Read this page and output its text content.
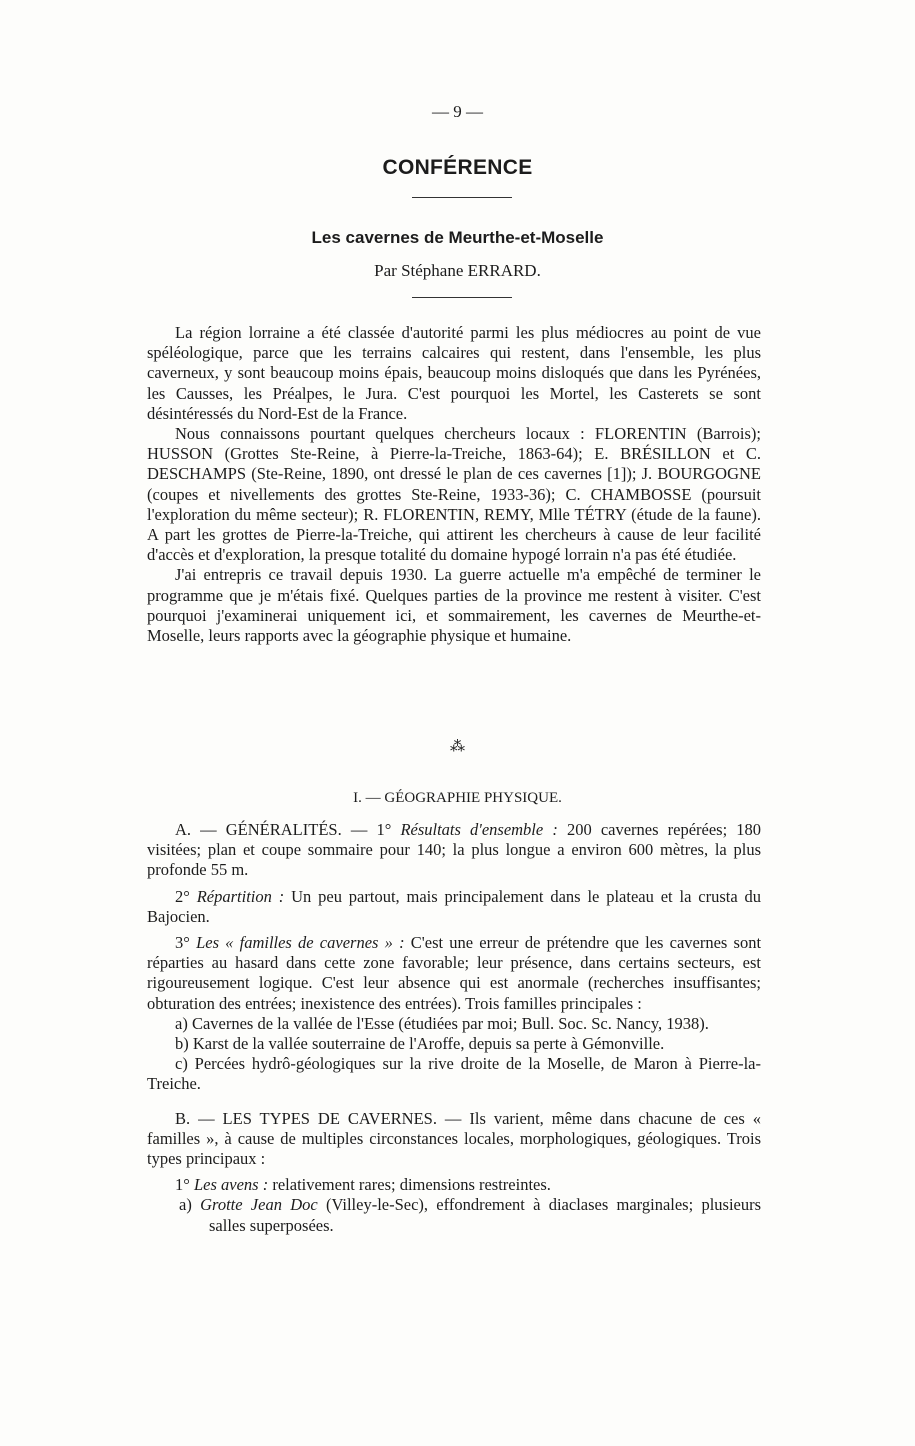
— 9 —
CONFÉRENCE
Les cavernes de Meurthe-et-Moselle
Par Stéphane ERRARD.

La région lorraine a été classée d'autorité parmi les plus médiocres au point de vue spéléologique, parce que les terrains calcaires qui restent, dans l'ensemble, les plus caverneux, y sont beaucoup moins épais, beaucoup moins disloqués que dans les Pyrénées, les Causses, les Préalpes, le Jura. C'est pourquoi les Mortel, les Casterets se sont désintéressés du Nord-Est de la France.

Nous connaissons pourtant quelques chercheurs locaux : FLORENTIN (Barrois); HUSSON (Grottes Ste-Reine, à Pierre-la-Treiche, 1863-64); E. BRÉSILLON et C. DESCHAMPS (Ste-Reine, 1890, ont dressé le plan de ces cavernes [1]); J. BOURGOGNE (coupes et nivellements des grottes Ste-Reine, 1933-36); C. CHAMBOSSE (poursuit l'exploration du même secteur); R. FLORENTIN, REMY, Mlle TÉTRY (étude de la faune). A part les grottes de Pierre-la-Treiche, qui attirent les chercheurs à cause de leur facilité d'accès et d'exploration, la presque totalité du domaine hypogé lorrain n'a pas été étudiée.

J'ai entrepris ce travail depuis 1930. La guerre actuelle m'a empêché de terminer le programme que je m'étais fixé. Quelques parties de la province me restent à visiter. C'est pourquoi j'examinerai uniquement ici, et sommairement, les cavernes de Meurthe-et-Moselle, leurs rapports avec la géographie physique et humaine.

⁂
I. — GÉOGRAPHIE PHYSIQUE.

A. — GÉNÉRALITÉS. — 1° Résultats d'ensemble : 200 cavernes repérées; 180 visitées; plan et coupe sommaire pour 140; la plus longue a environ 600 mètres, la plus profonde 55 m.

2° Répartition : Un peu partout, mais principalement dans le plateau et la crusta du Bajocien.

3° Les « familles de cavernes » : C'est une erreur de prétendre que les cavernes sont réparties au hasard dans cette zone favorable; leur présence, dans certains secteurs, est rigoureusement logique. C'est leur absence qui est anormale (recherches insuffisantes; obturation des entrées; inexistence des entrées). Trois familles principales :

a) Cavernes de la vallée de l'Esse (étudiées par moi; Bull. Soc. Sc. Nancy, 1938).

b) Karst de la vallée souterraine de l'Aroffe, depuis sa perte à Gémonville.

c) Percées hydrô-géologiques sur la rive droite de la Moselle, de Maron à Pierre-la-Treiche.

B. — LES TYPES DE CAVERNES. — Ils varient, même dans chacune de ces « familles », à cause de multiples circonstances locales, morphologiques, géologiques. Trois types principaux :

1° Les avens : relativement rares; dimensions restreintes.

a) Grotte Jean Doc (Villey-le-Sec), effondrement à diaclases marginales; plusieurs salles superposées.
